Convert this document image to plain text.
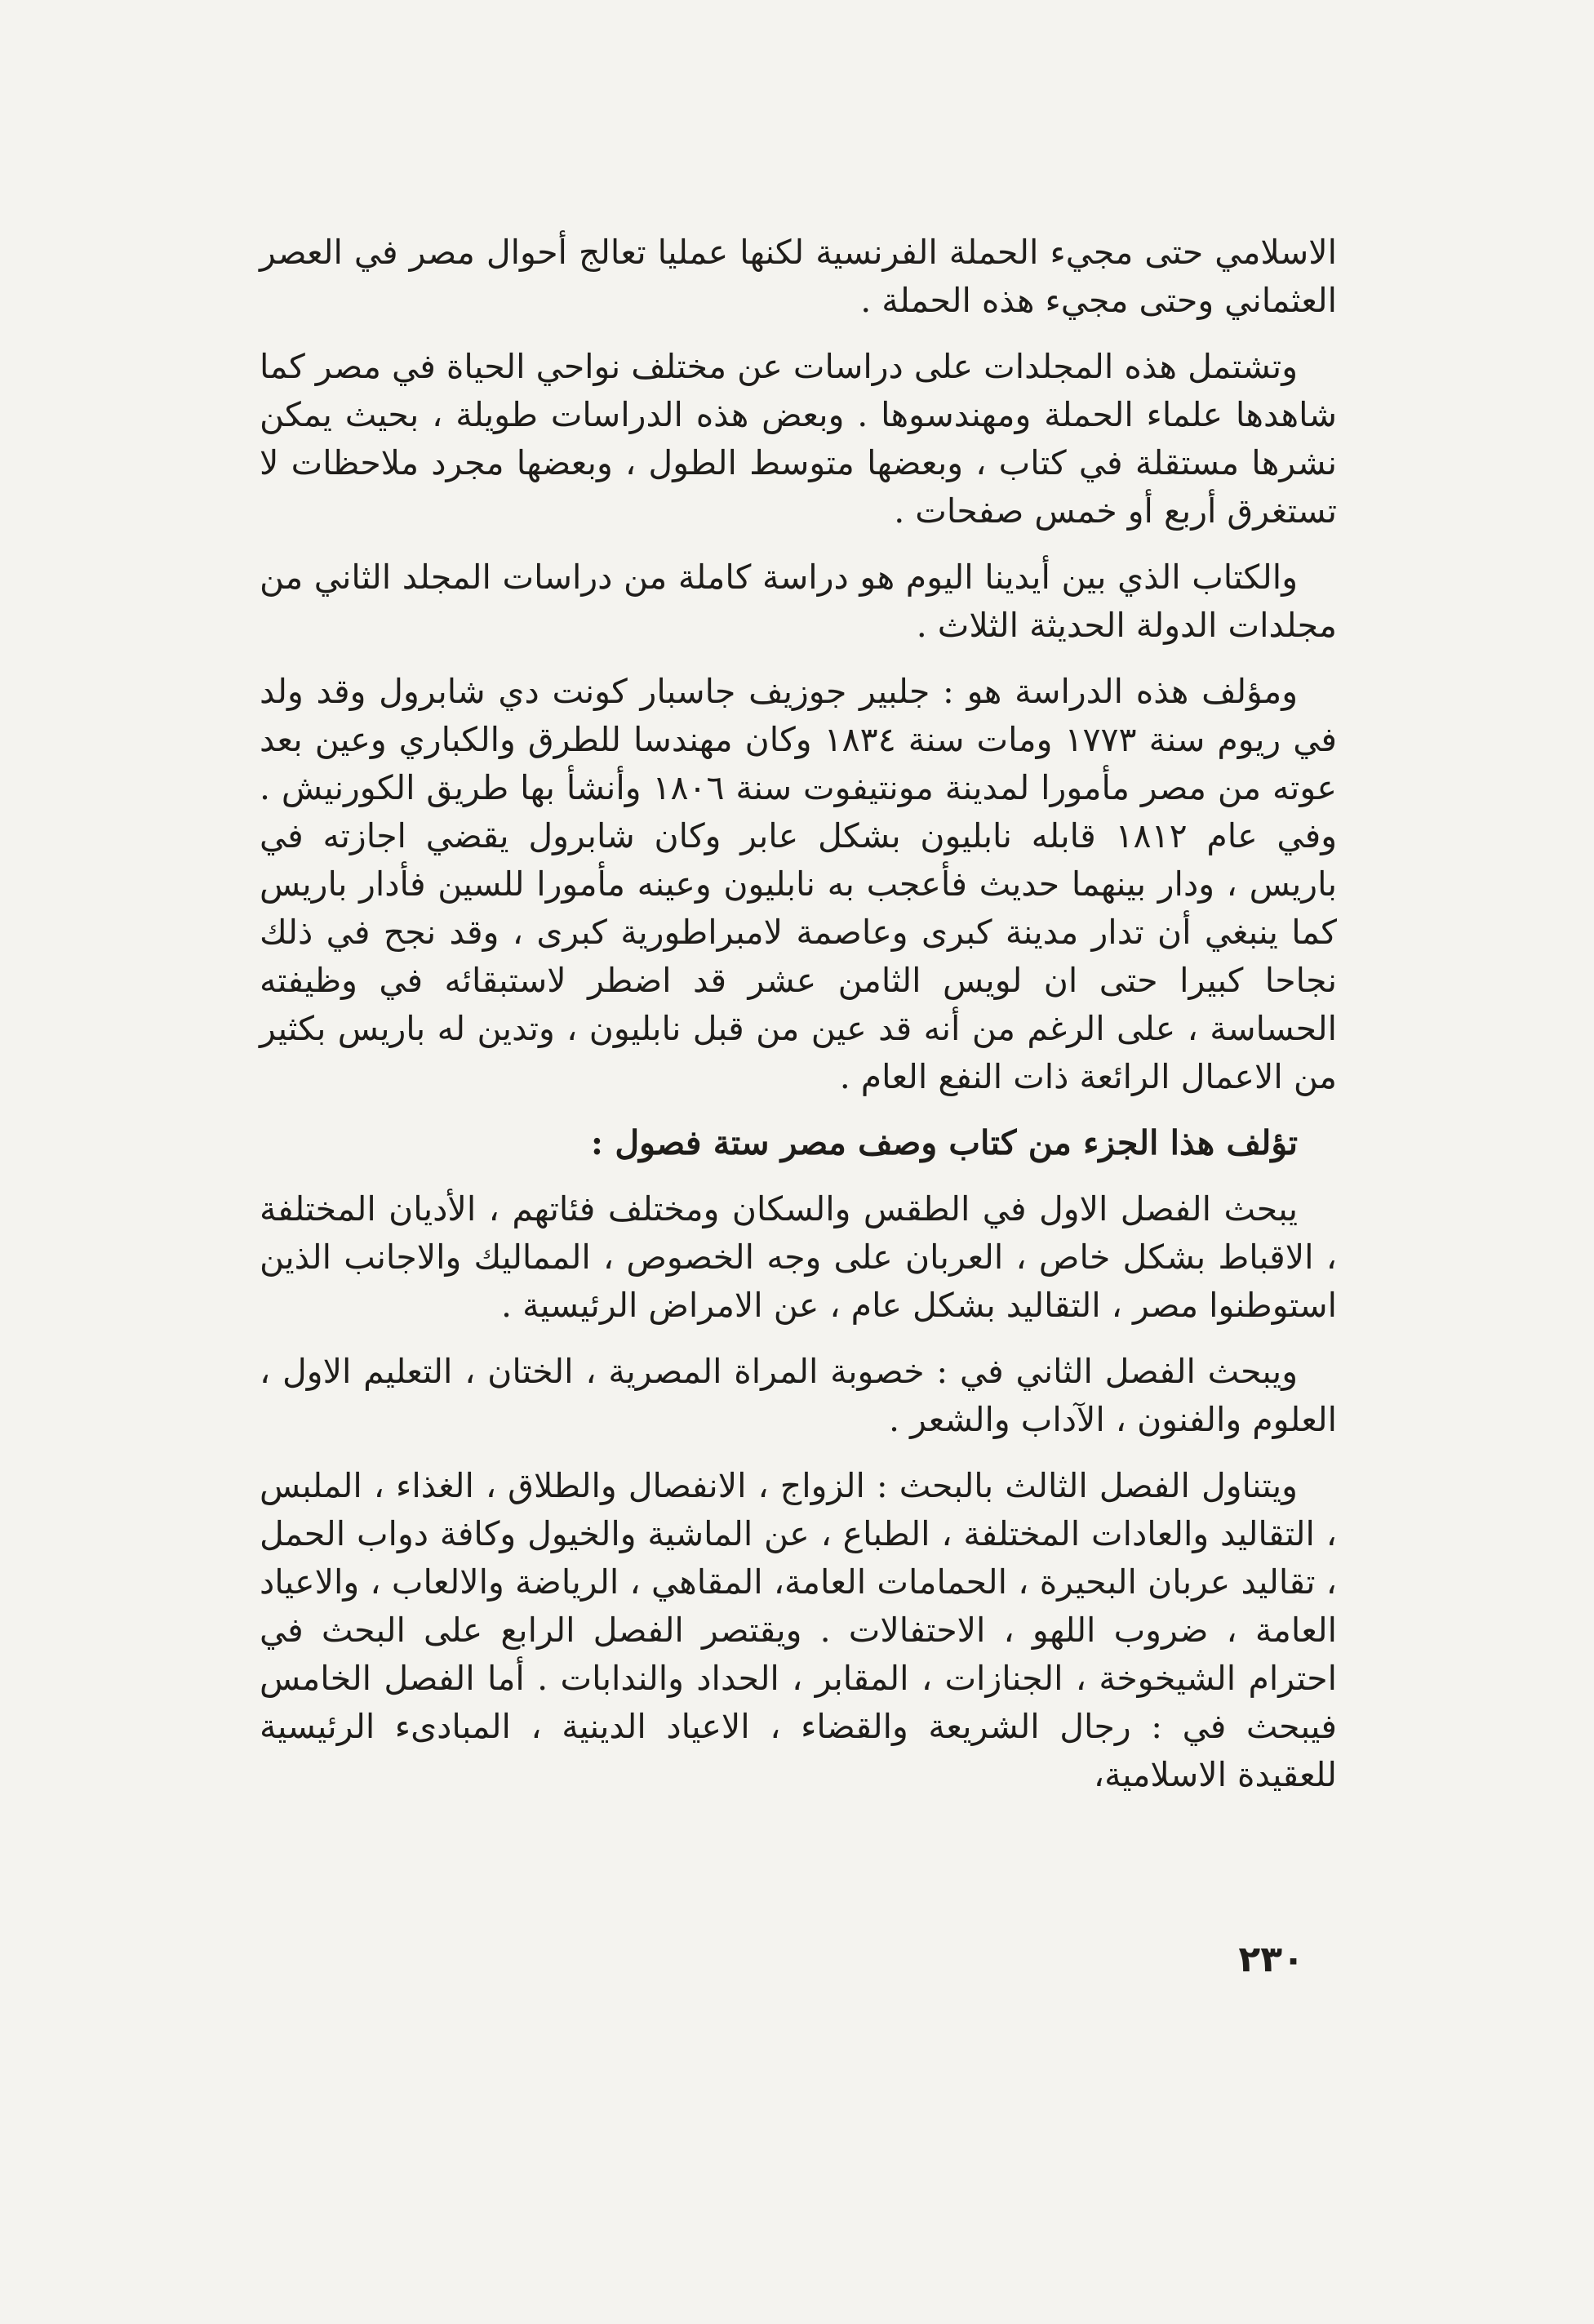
الاسلامي حتى مجيء الحملة الفرنسية لكنها عمليا تعالج أحوال مصر في العصر العثماني وحتى مجيء هذه الحملة .

وتشتمل هذه المجلدات على دراسات عن مختلف نواحي الحياة في مصر كما شاهدها علماء الحملة ومهندسوها . وبعض هذه الدراسات طويلة ، بحيث يمكن نشرها مستقلة في كتاب ، وبعضها متوسط الطول ، وبعضها مجرد ملاحظات لا تستغرق أربع أو خمس صفحات .

والكتاب الذي بين أيدينا اليوم هو دراسة كاملة من دراسات المجلد الثاني من مجلدات الدولة الحديثة الثلاث .

ومؤلف هذه الدراسة هو : جلبير جوزيف جاسبار كونت دي شابرول وقد ولد في ريوم سنة ١٧٧٣ ومات سنة ١٨٣٤ وكان مهندسا للطرق والكباري وعين بعد عوته من مصر مأمورا لمدينة مونتيفوت سنة ١٨٠٦ وأنشأ بها طريق الكورنيش . وفي عام ١٨١٢ قابله نابليون بشكل عابر وكان شابرول يقضي اجازته في باريس ، ودار بينهما حديث فأعجب به نابليون وعينه مأمورا للسين فأدار باريس كما ينبغي أن تدار مدينة كبرى وعاصمة لامبراطورية كبرى ، وقد نجح في ذلك نجاحا كبيرا حتى ان لويس الثامن عشر قد اضطر لاستبقائه في وظيفته الحساسة ، على الرغم من أنه قد عين من قبل نابليون ، وتدين له باريس بكثير من الاعمال الرائعة ذات النفع العام .

تؤلف هذا الجزء من كتاب وصف مصر ستة فصول :

يبحث الفصل الاول في الطقس والسكان ومختلف فئاتهم ، الأديان المختلفة ، الاقباط بشكل خاص ، العربان على وجه الخصوص ، المماليك والاجانب الذين استوطنوا مصر ، التقاليد بشكل عام ، عن الامراض الرئيسية .

ويبحث الفصل الثاني في : خصوبة المراة المصرية ، الختان ، التعليم الاول ، العلوم والفنون ، الآداب والشعر .

ويتناول الفصل الثالث بالبحث : الزواج ، الانفصال والطلاق ، الغذاء ، الملبس ، التقاليد والعادات المختلفة ، الطباع ، عن الماشية والخيول وكافة دواب الحمل ، تقاليد عربان البحيرة ، الحمامات العامة، المقاهي ، الرياضة والالعاب ، والاعياد العامة ، ضروب اللهو ، الاحتفالات . ويقتصر الفصل الرابع على البحث في احترام الشيخوخة ، الجنازات ، المقابر ، الحداد والندابات . أما الفصل الخامس فيبحث في : رجال الشريعة والقضاء ، الاعياد الدينية ، المبادىء الرئيسية للعقيدة الاسلامية،

٢٣٠
